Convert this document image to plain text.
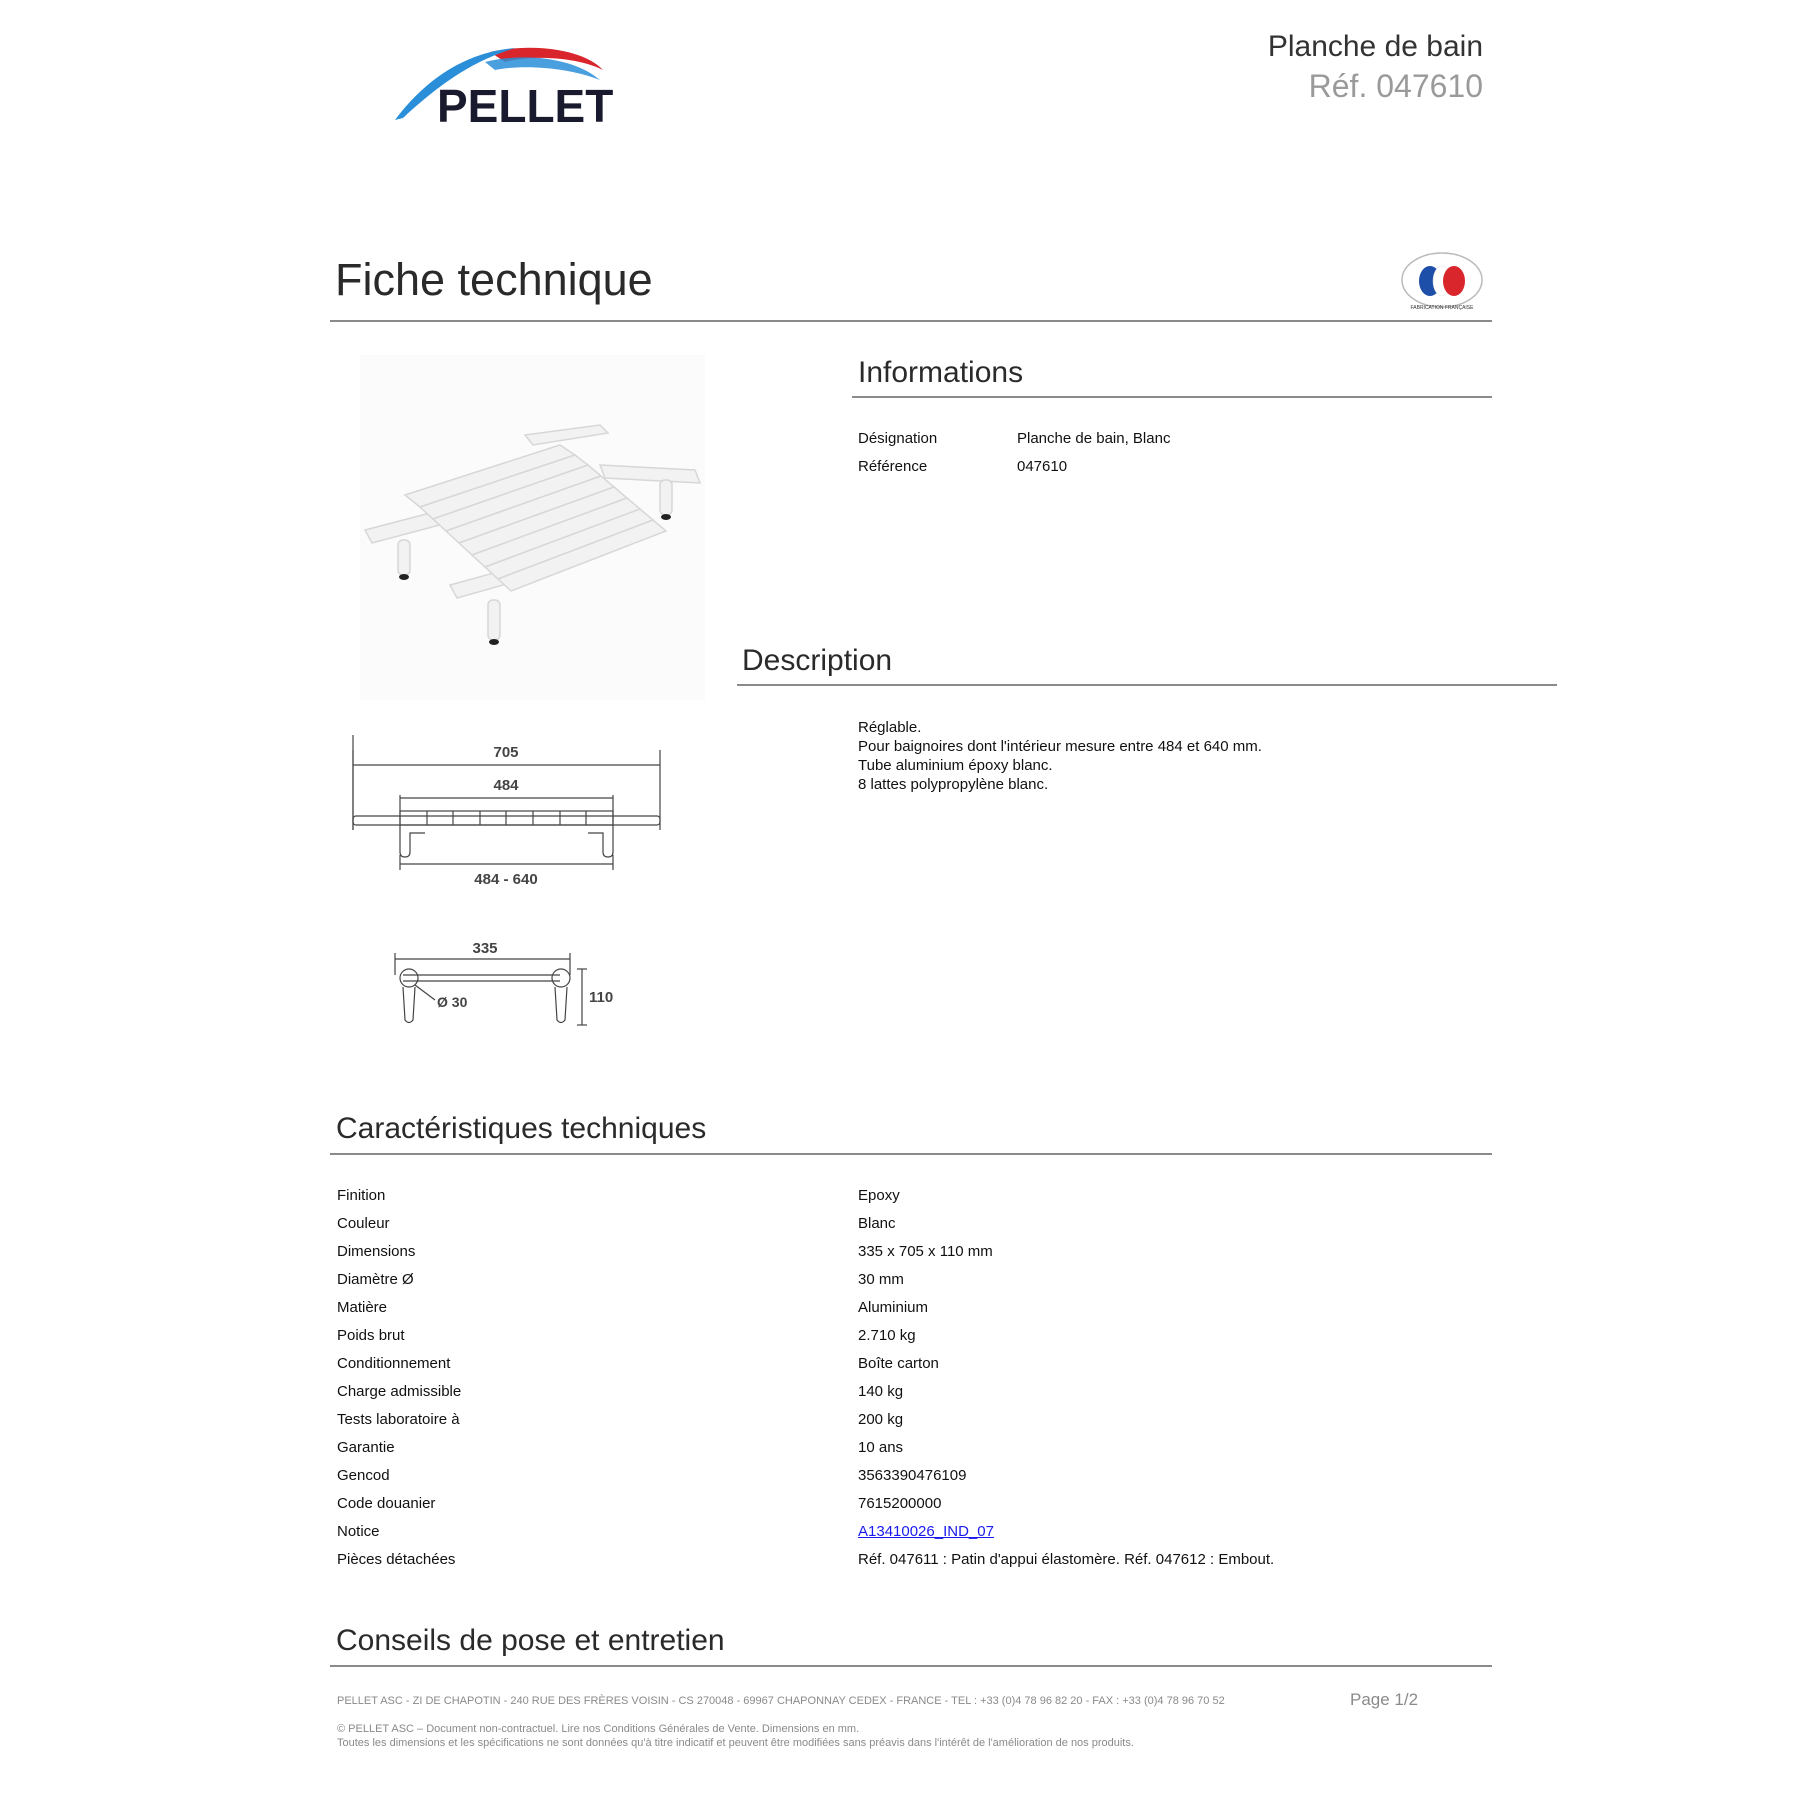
PELLET
Planche de bain
Réf. 047610
Fiche technique
FABRICATION FRANÇAISE
705
484
484 - 640
335
Ø 30	110
Informations
Désignation	Planche de bain, Blanc
Référence	047610
Description
Réglable.
Pour baignoires dont l'intérieur mesure entre 484 et 640 mm.
Tube aluminium époxy blanc.
8 lattes polypropylène blanc.
Caractéristiques techniques
Finition	Epoxy
Couleur	Blanc
Dimensions	335 x 705 x 110 mm
Diamètre Ø	30 mm
Matière	Aluminium
Poids brut	2.710 kg
Conditionnement	Boîte carton
Charge admissible	140 kg
Tests laboratoire à	200 kg
Garantie	10 ans
Gencod	3563390476109
Code douanier	7615200000
Notice	A13410026_IND_07
Pièces détachées	Réf. 047611 : Patin d'appui élastomère. Réf. 047612 : Embout.
Conseils de pose et entretien
PELLET ASC - ZI DE CHAPOTIN - 240 RUE DES FRÈRES VOISIN - CS 270048 - 69967 CHAPONNAY CEDEX - FRANCE - TEL : +33 (0)4 78 96 82 20 - FAX : +33 (0)4 78 96 70 52	Page 1/2
© PELLET ASC – Document non-contractuel. Lire nos Conditions Générales de Vente. Dimensions en mm.
Toutes les dimensions et les spécifications ne sont données qu'à titre indicatif et peuvent être modifiées sans préavis dans l'intérêt de l'amélioration de nos produits.
